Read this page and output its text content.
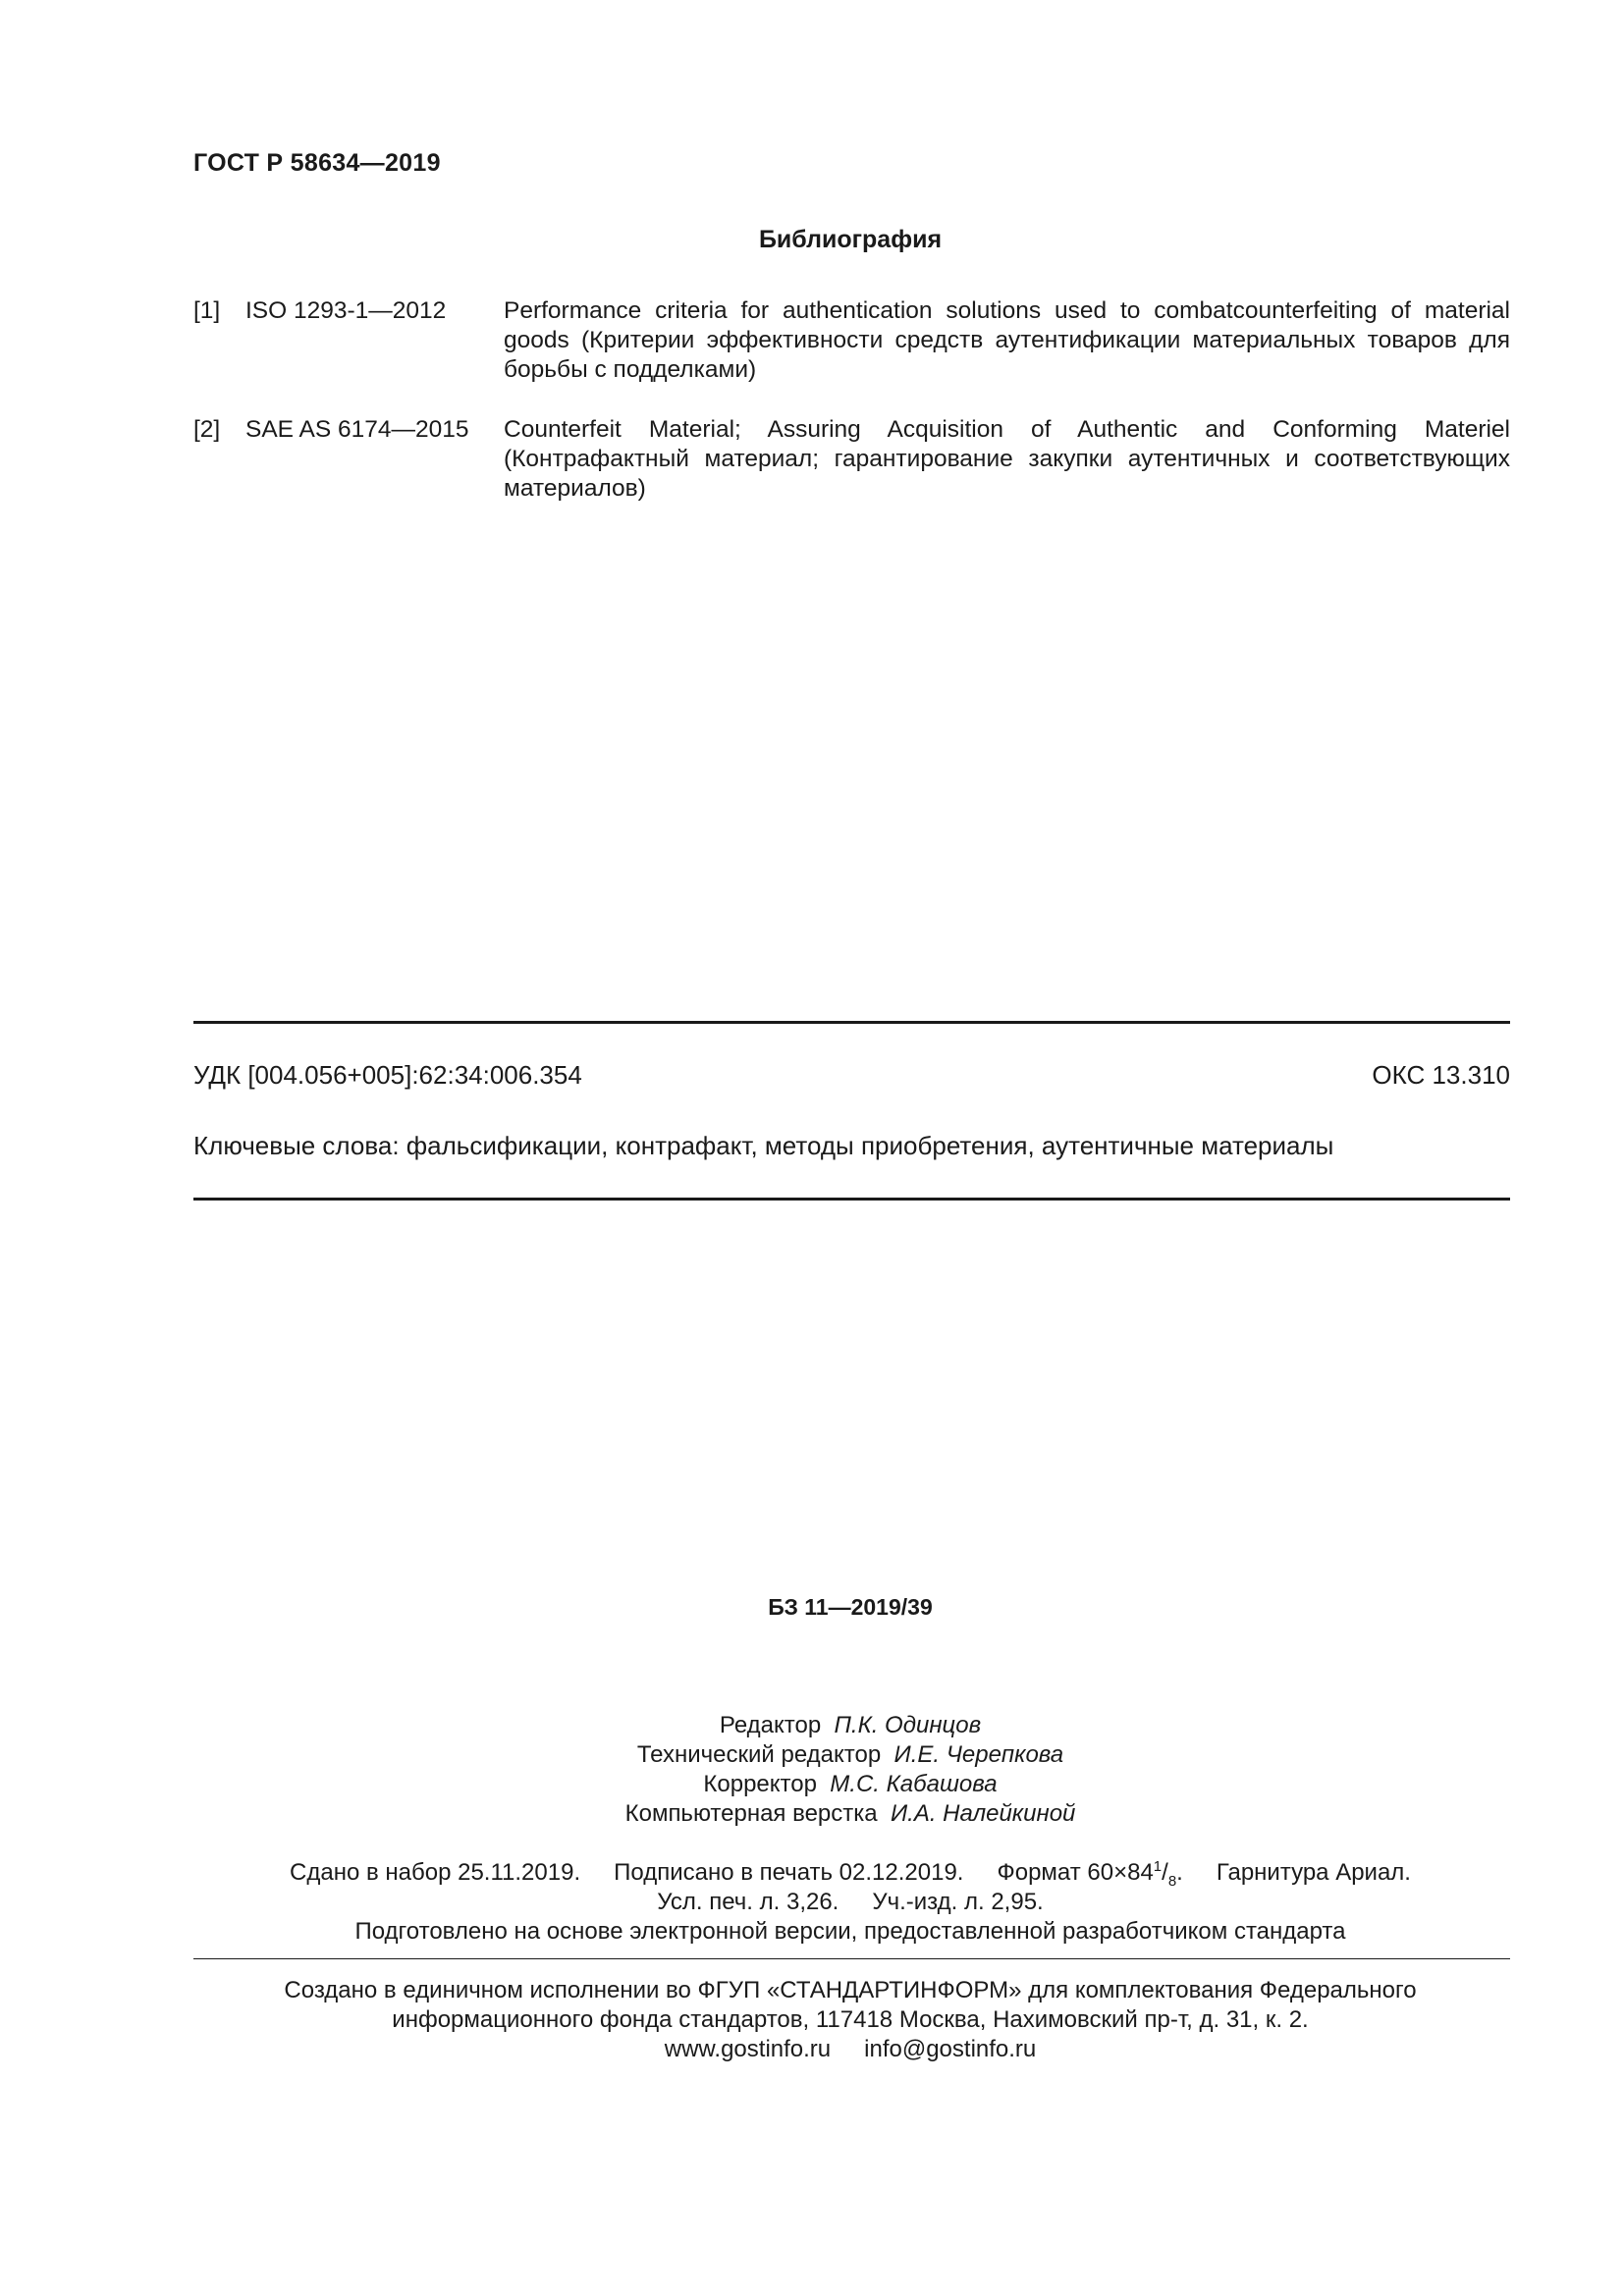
ГОСТ Р 58634—2019
Библиография
[1] ISO 1293-1—2012 Performance criteria for authentication solutions used to combatcounterfeiting of material goods (Критерии эффективности средств аутентификации материальных товаров для борьбы с подделками)
[2] SAE AS 6174—2015 Counterfeit Material; Assuring Acquisition of Authentic and Conforming Materiel (Контрафактный материал; гарантирование закупки аутентичных и соответствующих материалов)
УДК [004.056+005]:62:34:006.354	ОКС 13.310
Ключевые слова: фальсификации, контрафакт, методы приобретения, аутентичные материалы
БЗ 11—2019/39
Редактор П.К. Одинцов
Технический редактор И.Е. Черепкова
Корректор М.С. Кабашова
Компьютерная верстка И.А. Налейкиной
Сдано в набор 25.11.2019. Подписано в печать 02.12.2019. Формат $60\times 84^1/_8$. Гарнитура Ариал.
Усл. печ. л. 3,26. Уч.-изд. л. 2,95.
Подготовлено на основе электронной версии, предоставленной разработчиком стандарта
Создано в единичном исполнении во ФГУП «СТАНДАРТИНФОРМ» для комплектования Федерального
информационного фонда стандартов, 117418 Москва, Нахимовский пр-т, д. 31, к. 2.
www.gostinfo.ru info@gostinfo.ru
